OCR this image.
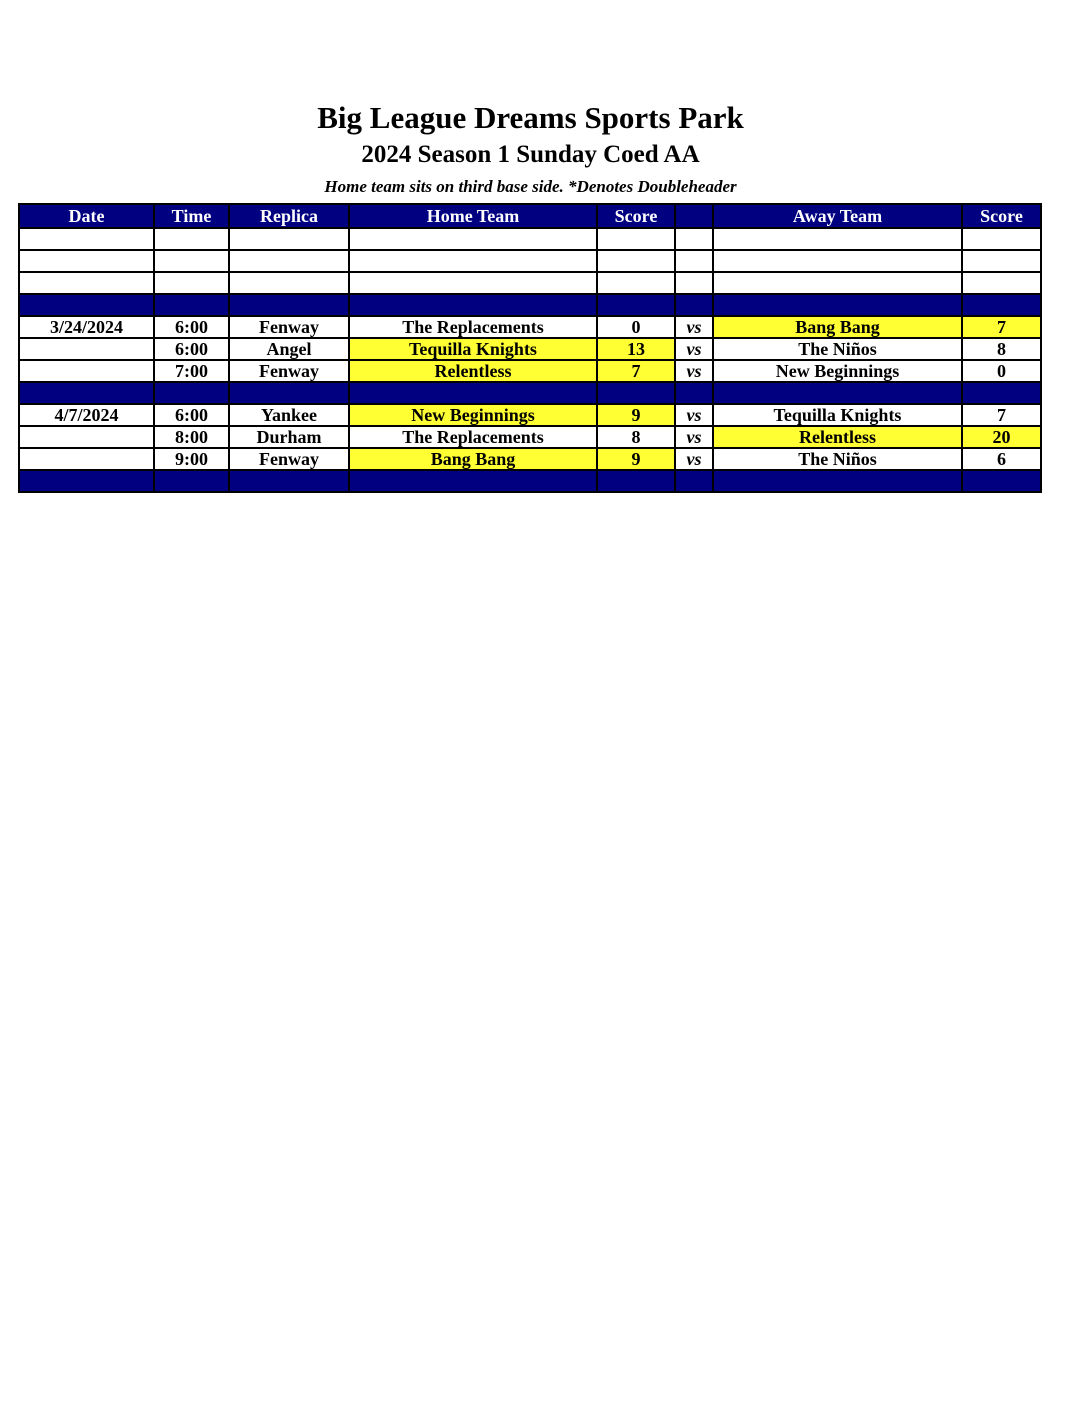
Big League Dreams Sports Park
2024 Season 1 Sunday Coed AA
Home team sits on third base side. *Denotes Doubleheader
Date	Time	Replica	Home Team	Score		Away Team	Score

3/24/2024	6:00	Fenway	The Replacements	0	vs	Bang Bang	7
	6:00	Angel	Tequilla Knights	13	vs	The Niños	8
	7:00	Fenway	Relentless	7	vs	New Beginnings	0

4/7/2024	6:00	Yankee	New Beginnings	9	vs	Tequilla Knights	7
	8:00	Durham	The Replacements	8	vs	Relentless	20
	9:00	Fenway	Bang Bang	9	vs	The Niños	6
